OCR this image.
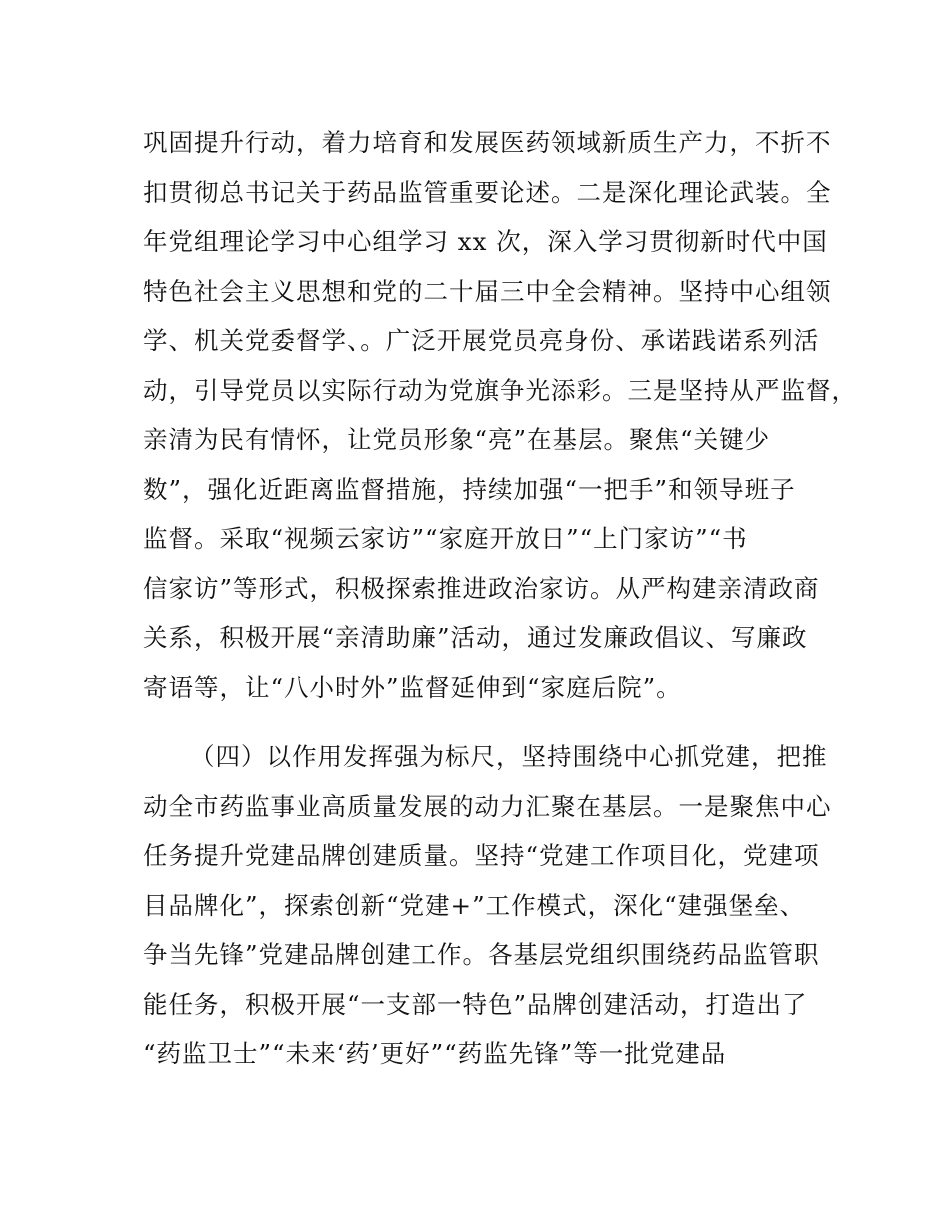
巩固提升行动，着力培育和发展医药领域新质生产力，不折不
扣贯彻总书记关于药品监管重要论述。二是深化理论武装。全
年党组理论学习中心组学习 xx 次，深入学习贯彻新时代中国
特色社会主义思想和党的二十届三中全会精神。坚持中心组领
学、机关党委督学、。广泛开展党员亮身份、承诺践诺系列活
动，引导党员以实际行动为党旗争光添彩。三是坚持从严监督，
亲清为民有情怀，让党员形象“亮”在基层。聚焦“关键少
数”，强化近距离监督措施，持续加强“一把手”和领导班子
监督。采取“视频云家访”“家庭开放日”“上门家访”“书
信家访”等形式，积极探索推进政治家访。从严构建亲清政商
关系，积极开展“亲清助廉”活动，通过发廉政倡议、写廉政
寄语等，让“八小时外”监督延伸到“家庭后院”。
（四）以作用发挥强为标尺，坚持围绕中心抓党建，把推
动全市药监事业高质量发展的动力汇聚在基层。一是聚焦中心
任务提升党建品牌创建质量。坚持“党建工作项目化，党建项
目品牌化”，探索创新“党建+”工作模式，深化“建强堡垒、
争当先锋”党建品牌创建工作。各基层党组织围绕药品监管职
能任务，积极开展“一支部一特色”品牌创建活动，打造出了
“药监卫士”“未来‘药’更好”“药监先锋”等一批党建品
